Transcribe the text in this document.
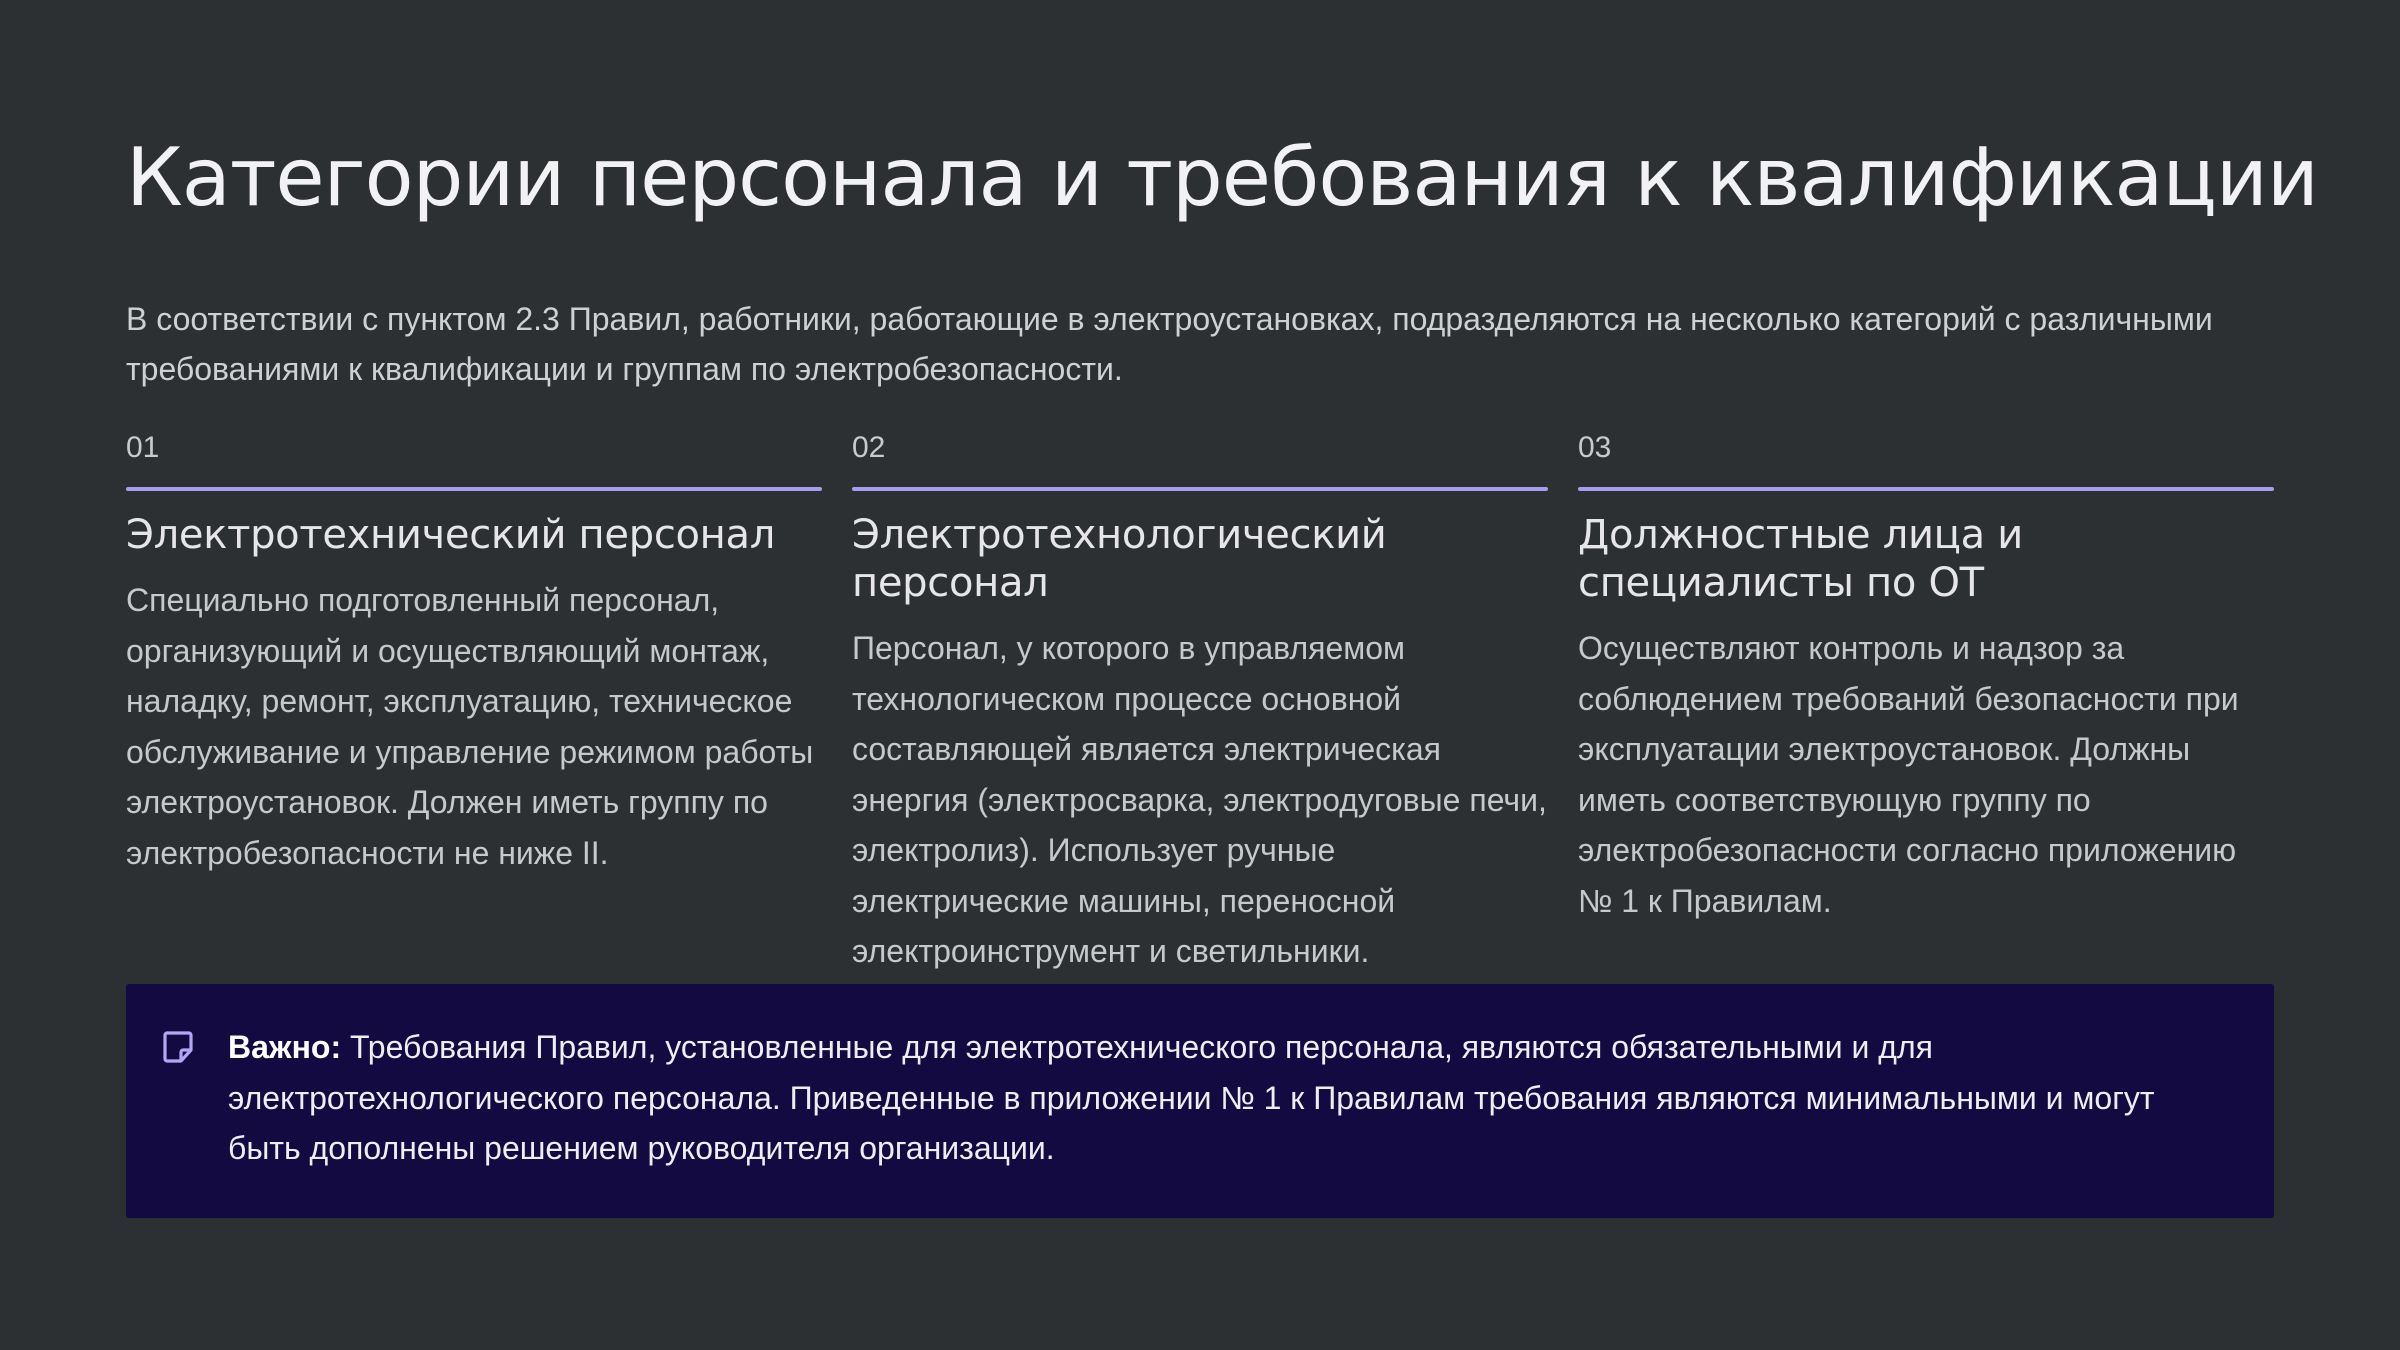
Категории персонала и требования к квалификации

В соответствии с пунктом 2.3 Правил, работники, работающие в электроустановках, подразделяются на несколько категорий с различными требованиями к квалификации и группам по электробезопасности.

01
Электротехнический персонал
Специально подготовленный персонал, организующий и осуществляющий монтаж, наладку, ремонт, эксплуатацию, техническое обслуживание и управление режимом работы электроустановок. Должен иметь группу по электробезопасности не ниже II.
02
Электротехнологический персонал
Персонал, у которого в управляемом технологическом процессе основной составляющей является электрическая энергия (электросварка, электродуговые печи, электролиз). Использует ручные электрические машины, переносной электроинструмент и светильники.
03
Должностные лица и специалисты по ОТ
Осуществляют контроль и надзор за соблюдением требований безопасности при эксплуатации электроустановок. Должны иметь соответствующую группу по электробезопасности согласно приложению № 1 к Правилам.

Важно: Требования Правил, установленные для электротехнического персонала, являются обязательными и для электротехнологического персонала. Приведенные в приложении № 1 к Правилам требования являются минимальными и могут быть дополнены решением руководителя организации.
